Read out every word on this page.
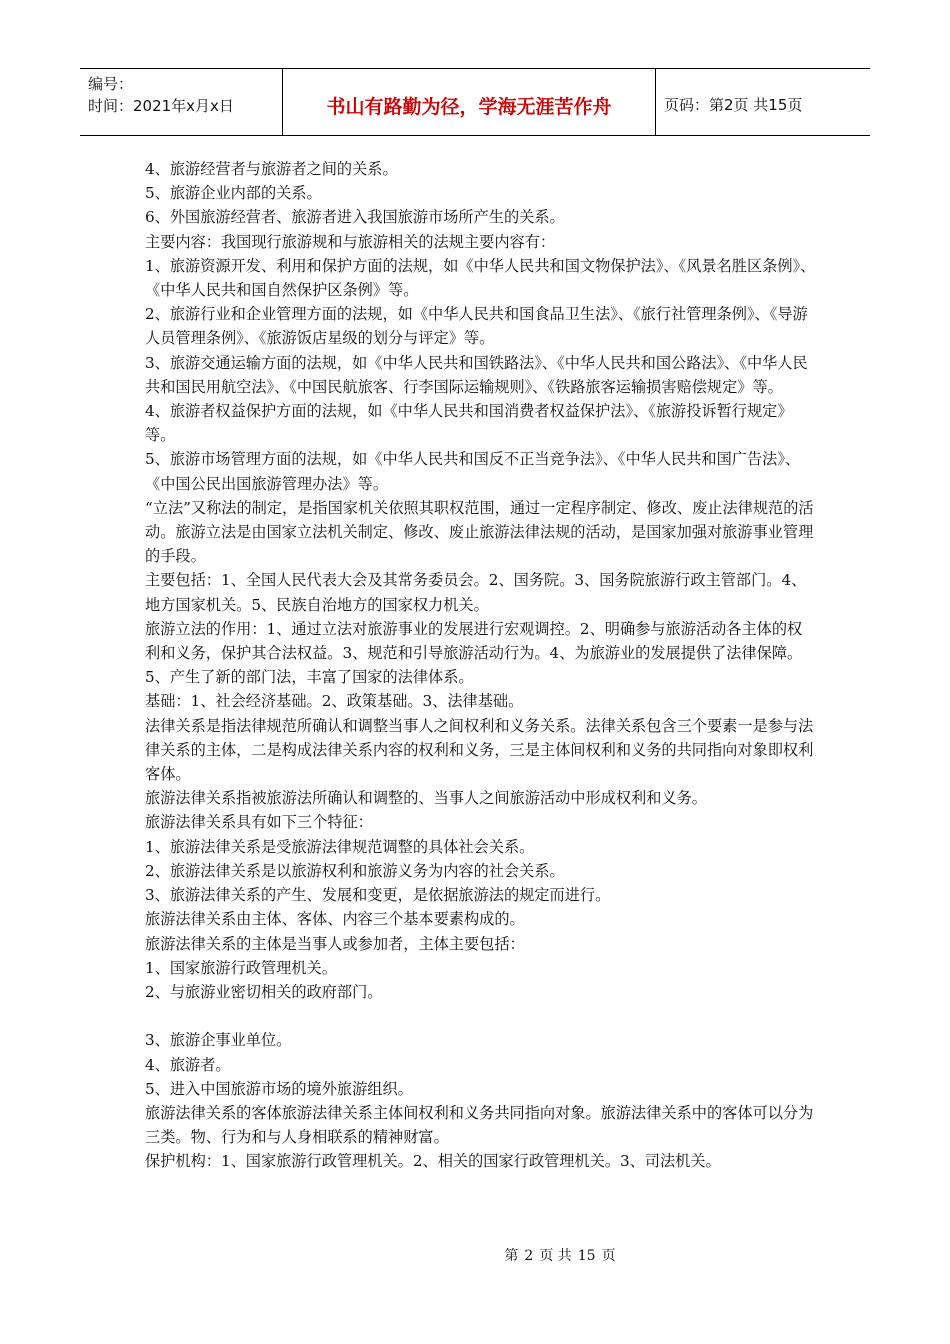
编号：
时间：2021年x月x日	书山有路勤为径，学海无涯苦作舟	页码：第2页 共15页

4、旅游经营者与旅游者之间的关系。

5、旅游企业内部的关系。

6、外国旅游经营者、旅游者进入我国旅游市场所产生的关系。

主要内容：我国现行旅游规和与旅游相关的法规主要内容有：

1、旅游资源开发、利用和保护方面的法规，如《中华人民共和国文物保护法》、《风景名胜区条例》、《中华人民共和国自然保护区条例》等。

2、旅游行业和企业管理方面的法规，如《中华人民共和国食品卫生法》、《旅行社管理条例》、《导游人员管理条例》、《旅游饭店星级的划分与评定》等。

3、旅游交通运输方面的法规，如《中华人民共和国铁路法》、《中华人民共和国公路法》、《中华人民共和国民用航空法》、《中国民航旅客、行李国际运输规则》、《铁路旅客运输损害赔偿规定》等。

4、旅游者权益保护方面的法规，如《中华人民共和国消费者权益保护法》、《旅游投诉暂行规定》等。

5、旅游市场管理方面的法规，如《中华人民共和国反不正当竞争法》、《中华人民共和国广告法》、《中国公民出国旅游管理办法》等。

“立法”又称法的制定，是指国家机关依照其职权范围，通过一定程序制定、修改、废止法律规范的活动。旅游立法是由国家立法机关制定、修改、废止旅游法律法规的活动，是国家加强对旅游事业管理的手段。

主要包括：1、全国人民代表大会及其常务委员会。2、国务院。3、国务院旅游行政主管部门。4、地方国家机关。5、民族自治地方的国家权力机关。

旅游立法的作用：1、通过立法对旅游事业的发展进行宏观调控。2、明确参与旅游活动各主体的权利和义务，保护其合法权益。3、规范和引导旅游活动行为。4、为旅游业的发展提供了法律保障。5、产生了新的部门法，丰富了国家的法律体系。

基础：1、社会经济基础。2、政策基础。3、法律基础。

法律关系是指法律规范所确认和调整当事人之间权利和义务关系。法律关系包含三个要素一是参与法律关系的主体，二是构成法律关系内容的权利和义务，三是主体间权利和义务的共同指向对象即权利客体。

旅游法律关系指被旅游法所确认和调整的、当事人之间旅游活动中形成权利和义务。

旅游法律关系具有如下三个特征：

1、旅游法律关系是受旅游法律规范调整的具体社会关系。

2、旅游法律关系是以旅游权利和旅游义务为内容的社会关系。

3、旅游法律关系的产生、发展和变更，是依据旅游法的规定而进行。

旅游法律关系由主体、客体、内容三个基本要素构成的。

旅游法律关系的主体是当事人或参加者，主体主要包括：

1、国家旅游行政管理机关。

2、与旅游业密切相关的政府部门。

3、旅游企事业单位。

4、旅游者。

5、进入中国旅游市场的境外旅游组织。

旅游法律关系的客体旅游法律关系主体间权利和义务共同指向对象。旅游法律关系中的客体可以分为三类。物、行为和与人身相联系的精神财富。

保护机构：1、国家旅游行政管理机关。2、相关的国家行政管理机关。3、司法机关。

第 2 页 共 15 页
